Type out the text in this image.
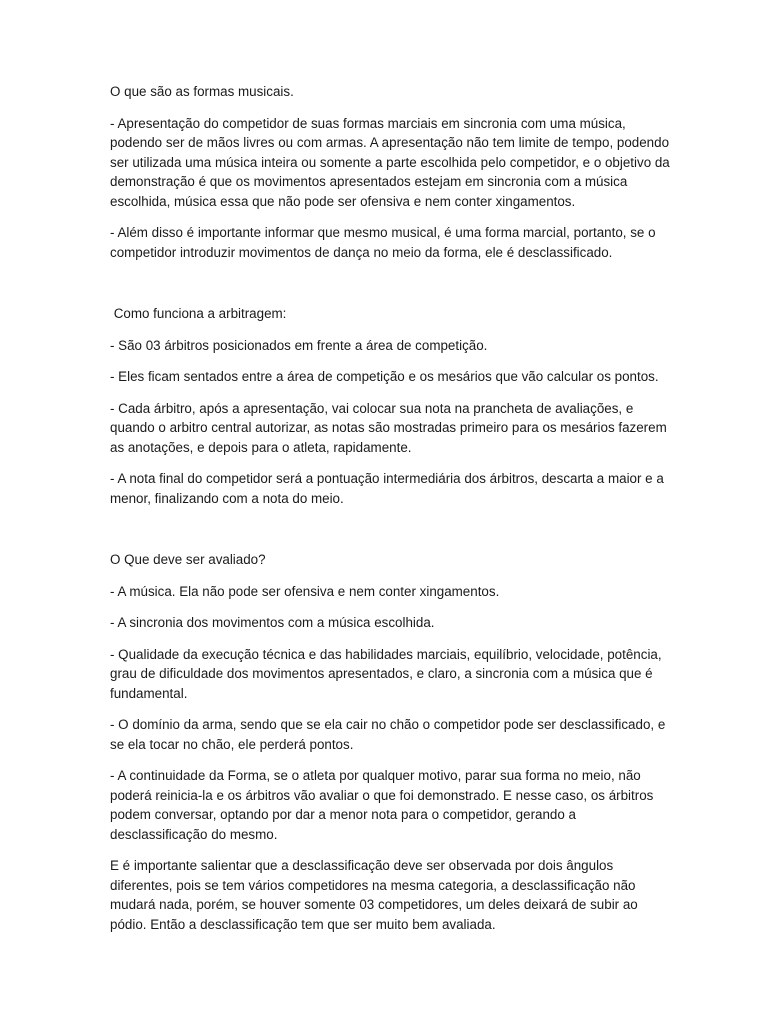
O que são as formas musicais.

- Apresentação do competidor de suas formas marciais em sincronia com uma música, podendo ser de mãos livres ou com armas. A apresentação não tem limite de tempo, podendo ser utilizada uma música inteira ou somente a parte escolhida pelo competidor, e o objetivo da demonstração é que os movimentos apresentados estejam em sincronia com a música escolhida, música essa que não pode ser ofensiva e nem conter xingamentos.

- Além disso é importante informar que mesmo musical, é uma forma marcial, portanto, se o competidor introduzir movimentos de dança no meio da forma, ele é desclassificado.

Como funciona a arbitragem:

- São 03 árbitros posicionados em frente a área de competição.

- Eles ficam sentados entre a área de competição e os mesários que vão calcular os pontos.

- Cada árbitro, após a apresentação, vai colocar sua nota na prancheta de avaliações, e quando o arbitro central autorizar, as notas são mostradas primeiro para os mesários fazerem as anotações, e depois para o atleta, rapidamente.

- A nota final do competidor será a pontuação intermediária dos árbitros, descarta a maior e a menor, finalizando com a nota do meio.

O Que deve ser avaliado?

- A música. Ela não pode ser ofensiva e nem conter xingamentos.

- A sincronia dos movimentos com a música escolhida.

- Qualidade da execução técnica e das habilidades marciais, equilíbrio, velocidade, potência, grau de dificuldade dos movimentos apresentados, e claro, a sincronia com a música que é fundamental.

- O domínio da arma, sendo que se ela cair no chão o competidor pode ser desclassificado, e se ela tocar no chão, ele perderá pontos.

- A continuidade da Forma, se o atleta por qualquer motivo, parar sua forma no meio, não poderá reinicia-la e os árbitros vão avaliar o que foi demonstrado. E nesse caso, os árbitros podem conversar, optando por dar a menor nota para o competidor, gerando a desclassificação do mesmo.

E é importante salientar que a desclassificação deve ser observada por dois ângulos diferentes, pois se tem vários competidores na mesma categoria, a desclassificação não mudará nada, porém, se houver somente 03 competidores, um deles deixará de subir ao pódio. Então a desclassificação tem que ser muito bem avaliada.
